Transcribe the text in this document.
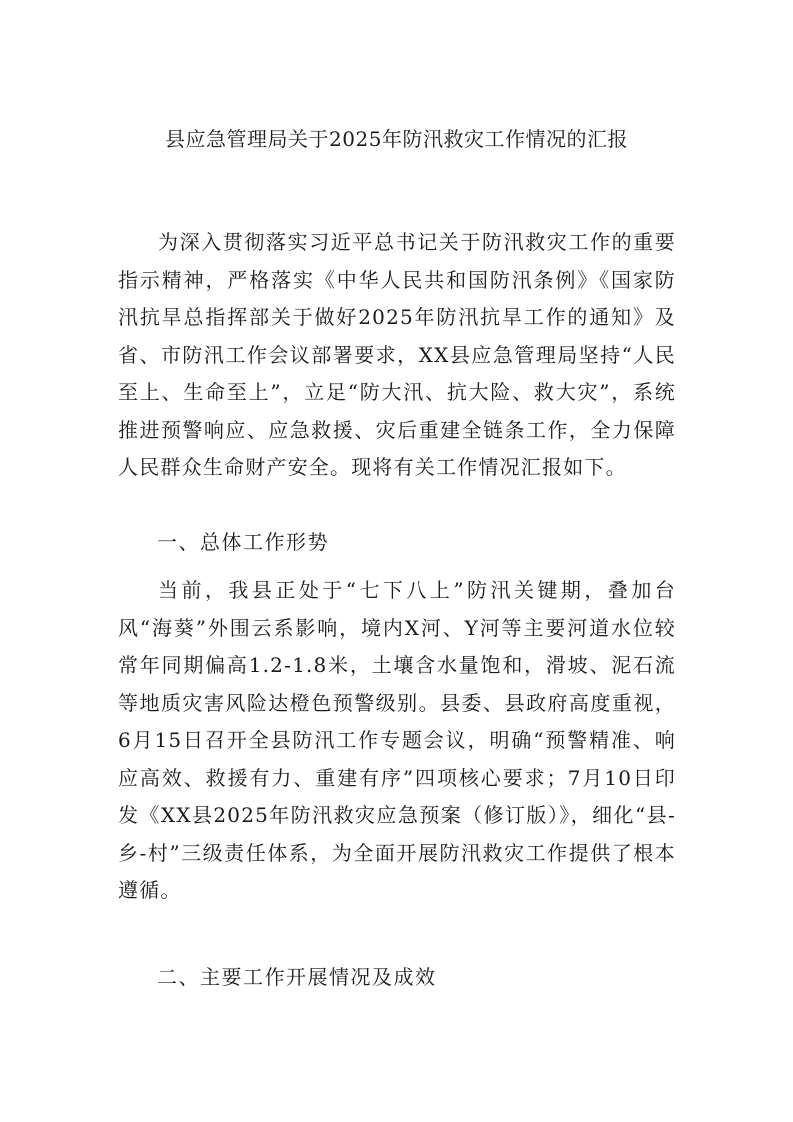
县应急管理局关于2025年防汛救灾工作情况的汇报

为深入贯彻落实习近平总书记关于防汛救灾工作的重要指示精神，严格落实《中华人民共和国防汛条例》《国家防汛抗旱总指挥部关于做好2025年防汛抗旱工作的通知》及省、市防汛工作会议部署要求，XX县应急管理局坚持“人民至上、生命至上”，立足“防大汛、抗大险、救大灾”，系统推进预警响应、应急救援、灾后重建全链条工作，全力保障人民群众生命财产安全。现将有关工作情况汇报如下。

一、总体工作形势

当前，我县正处于“七下八上”防汛关键期，叠加台风“海葵”外围云系影响，境内X河、Y河等主要河道水位较常年同期偏高1.2-1.8米，土壤含水量饱和，滑坡、泥石流等地质灾害风险达橙色预警级别。县委、县政府高度重视，6月15日召开全县防汛工作专题会议，明确“预警精准、响应高效、救援有力、重建有序”四项核心要求；7月10日印发《XX县2025年防汛救灾应急预案（修订版）》，细化“县-乡-村”三级责任体系，为全面开展防汛救灾工作提供了根本遵循。

二、主要工作开展情况及成效
